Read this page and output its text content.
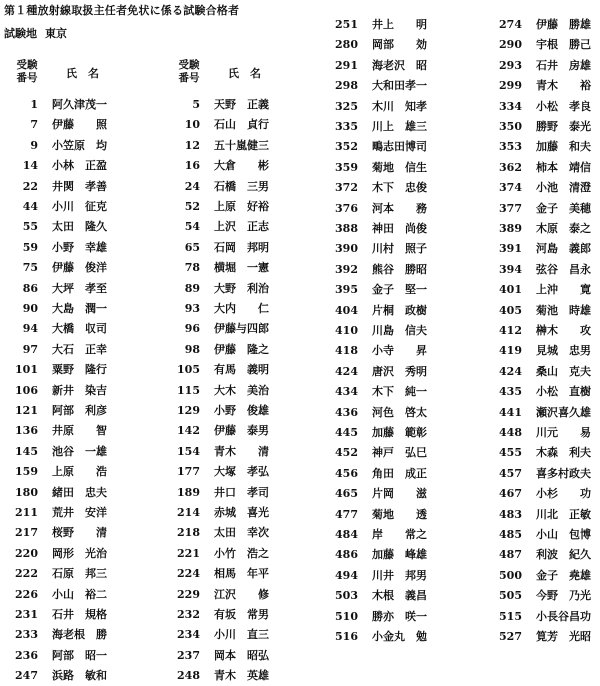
第１種放射線取扱主任者免状に係る試験合格者
試験地 東京
受験
番号	氏　名
1 阿久津茂一
7 伊藤　　照
9 小笠原　均
14 小林　正盈
22 井関　孝善
44 小川　征克
55 太田　隆久
59 小野　幸雄
75 伊藤　俊洋
86 大坪　孝至
90 大島　潤一
94 大橋　収司
97 大石　正幸
101 粟野　隆行
106 新井　染吉
121 阿部　利彦
136 井原　　智
145 池谷　一雄
159 上原　　浩
180 緒田　忠夫
211 荒井　安洋
217 桜野　　清
220 岡形　光治
222 石原　邦三
226 小山　裕二
231 石井　規格
233 海老根　勝
236 阿部　昭一
247 浜路　敏和
受験
番号	氏　名
5 天野　正義
10 石山　貞行
12 五十嵐健三
16 大倉　　彬
24 石橋　三男
52 上原　好裕
54 上沢　正志
65 石岡　邦明
78 横堀　一憲
89 大野　利治
93 大内　　仁
96 伊藤与四郎
98 伊藤　隆之
105 有馬　義明
115 大木　美治
129 小野　俊雄
142 伊藤　泰男
154 青木　　清
177 大塚　孝弘
189 井口　孝司
214 赤城　喜光
218 太田　幸次
221 小竹　浩之
224 相馬　年平
229 江沢　　修
232 有坂　常男
234 小川　直三
237 岡本　昭弘
248 青木　英雄
251 井上　　明
280 岡部　　効
291 海老沢　昭
298 大和田孝一
325 木川　知孝
335 川上　雄三
352 鴫志田博司
359 菊地　信生
372 木下　忠俊
376 河本　　務
388 神田　尚俊
390 川村　照子
392 熊谷　勝昭
395 金子　堅一
404 片桐　政樹
410 川島　信夫
418 小寺　　昇
424 唐沢　秀明
434 木下　純一
436 河色　啓太
445 加藤　範彰
452 神戸　弘巳
456 角田　成正
465 片岡　　滋
477 菊地　　透
484 岸　　常之
486 加藤　峰雄
494 川井　邦男
503 木根　義昌
510 勝亦　咲一
516 小金丸　勉
274 伊藤　勝雄
290 宇根　勝己
293 石井　房雄
299 青木　　裕
334 小松　孝良
350 勝野　泰光
353 加藤　和夫
362 柿本　靖信
374 小池　清澄
377 金子　美穂
389 木原　泰之
391 河島　義郎
394 弦谷　昌永
401 上沖　　寛
405 菊池　時雄
412 榊木　　攻
419 見城　忠男
424 桑山　克夫
435 小松　直樹
441 瀬沢喜久雄
448 川元　　易
455 木森　利夫
457 喜多村政夫
467 小杉　　功
483 川北　正敏
485 小山　包博
487 利波　紀久
500 金子　堯雄
505 今野　乃光
515 小長谷昌功
527 筧芳　光昭
